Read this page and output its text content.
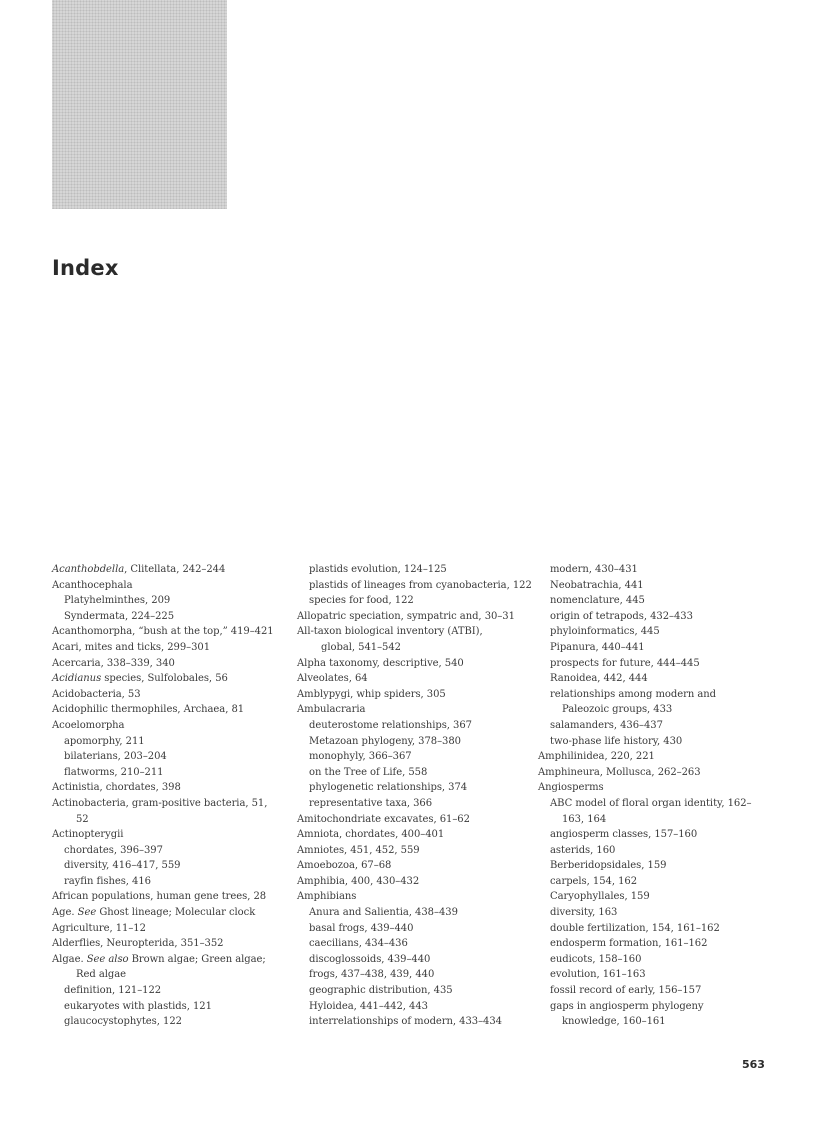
Index
Acanthobdella, Clitellata, 242–244
Acanthocephala
Platyhelminthes, 209
Syndermata, 224–225
Acanthomorpha, “bush at the top,” 419–421
Acari, mites and ticks, 299–301
Acercaria, 338–339, 340
Acidianus species, Sulfolobales, 56
Acidobacteria, 53
Acidophilic thermophiles, Archaea, 81
Acoelomorpha
apomorphy, 211
bilaterians, 203–204
flatworms, 210–211
Actinistia, chordates, 398
Actinobacteria, gram-positive bacteria, 51,
52
Actinopterygii
chordates, 396–397
diversity, 416–417, 559
rayfin fishes, 416
African populations, human gene trees, 28
Age. See Ghost lineage; Molecular clock
Agriculture, 11–12
Alderflies, Neuropterida, 351–352
Algae. See also Brown algae; Green algae;
Red algae
definition, 121–122
eukaryotes with plastids, 121
glaucocystophytes, 122
plastids evolution, 124–125
plastids of lineages from cyanobacteria, 122
species for food, 122
Allopatric speciation, sympatric and, 30–31
All-taxon biological inventory (ATBI),
global, 541–542
Alpha taxonomy, descriptive, 540
Alveolates, 64
Amblypygi, whip spiders, 305
Ambulacraria
deuterostome relationships, 367
Metazoan phylogeny, 378–380
monophyly, 366–367
on the Tree of Life, 558
phylogenetic relationships, 374
representative taxa, 366
Amitochondriate excavates, 61–62
Amniota, chordates, 400–401
Amniotes, 451, 452, 559
Amoebozoa, 67–68
Amphibia, 400, 430–432
Amphibians
Anura and Salientia, 438–439
basal frogs, 439–440
caecilians, 434–436
discoglossoids, 439–440
frogs, 437–438, 439, 440
geographic distribution, 435
Hyloidea, 441–442, 443
interrelationships of modern, 433–434
modern, 430–431
Neobatrachia, 441
nomenclature, 445
origin of tetrapods, 432–433
phyloinformatics, 445
Pipanura, 440–441
prospects for future, 444–445
Ranoidea, 442, 444
relationships among modern and
Paleozoic groups, 433
salamanders, 436–437
two-phase life history, 430
Amphilinidea, 220, 221
Amphineura, Mollusca, 262–263
Angiosperms
ABC model of floral organ identity, 162–
163, 164
angiosperm classes, 157–160
asterids, 160
Berberidopsidales, 159
carpels, 154, 162
Caryophyllales, 159
diversity, 163
double fertilization, 154, 161–162
endosperm formation, 161–162
eudicots, 158–160
evolution, 161–163
fossil record of early, 156–157
gaps in angiosperm phylogeny
knowledge, 160–161
563
